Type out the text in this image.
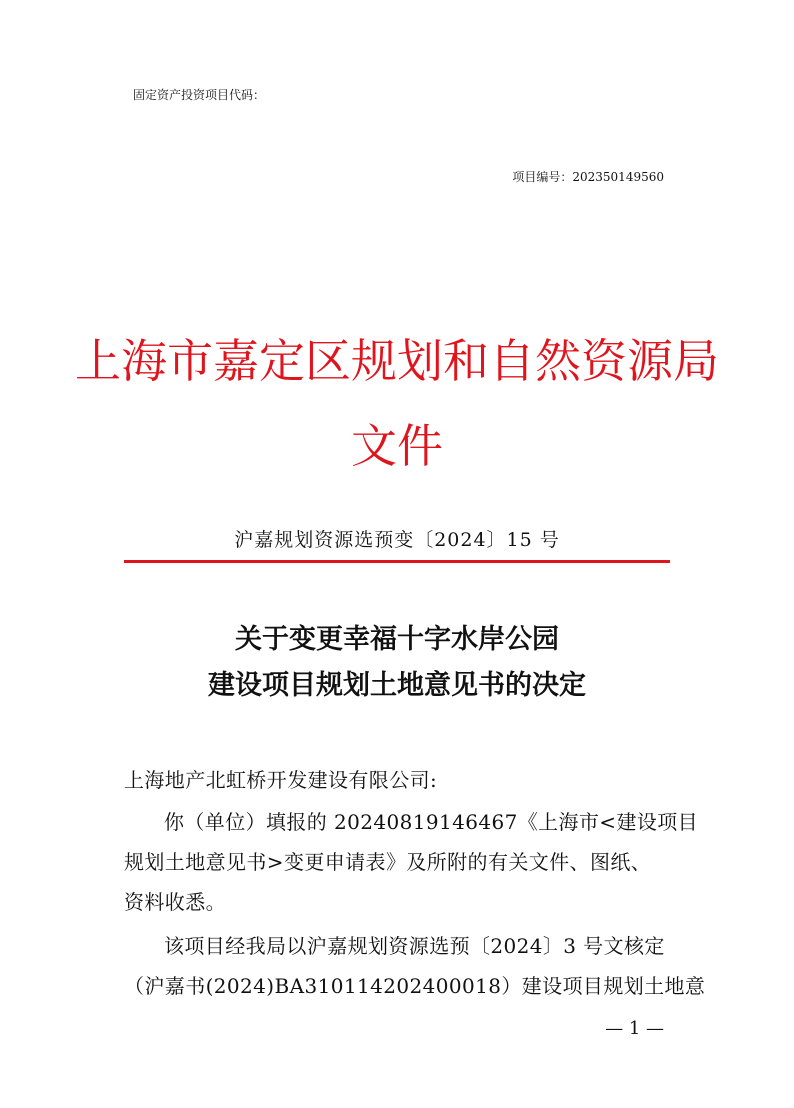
固定资产投资项目代码：
项目编号：202350149560
上海市嘉定区规划和自然资源局
文件
沪嘉规划资源选预变〔2024〕15 号
关于变更幸福十字水岸公园
建设项目规划土地意见书的决定
上海地产北虹桥开发建设有限公司:
你（单位）填报的 20240819146467《上海市<建设项目
规划土地意见书>变更申请表》及所附的有关文件、图纸、
资料收悉。
该项目经我局以沪嘉规划资源选预〔2024〕3 号文核定
（沪嘉书(2024)BA310114202400018）建设项目规划土地意
— 1 —
